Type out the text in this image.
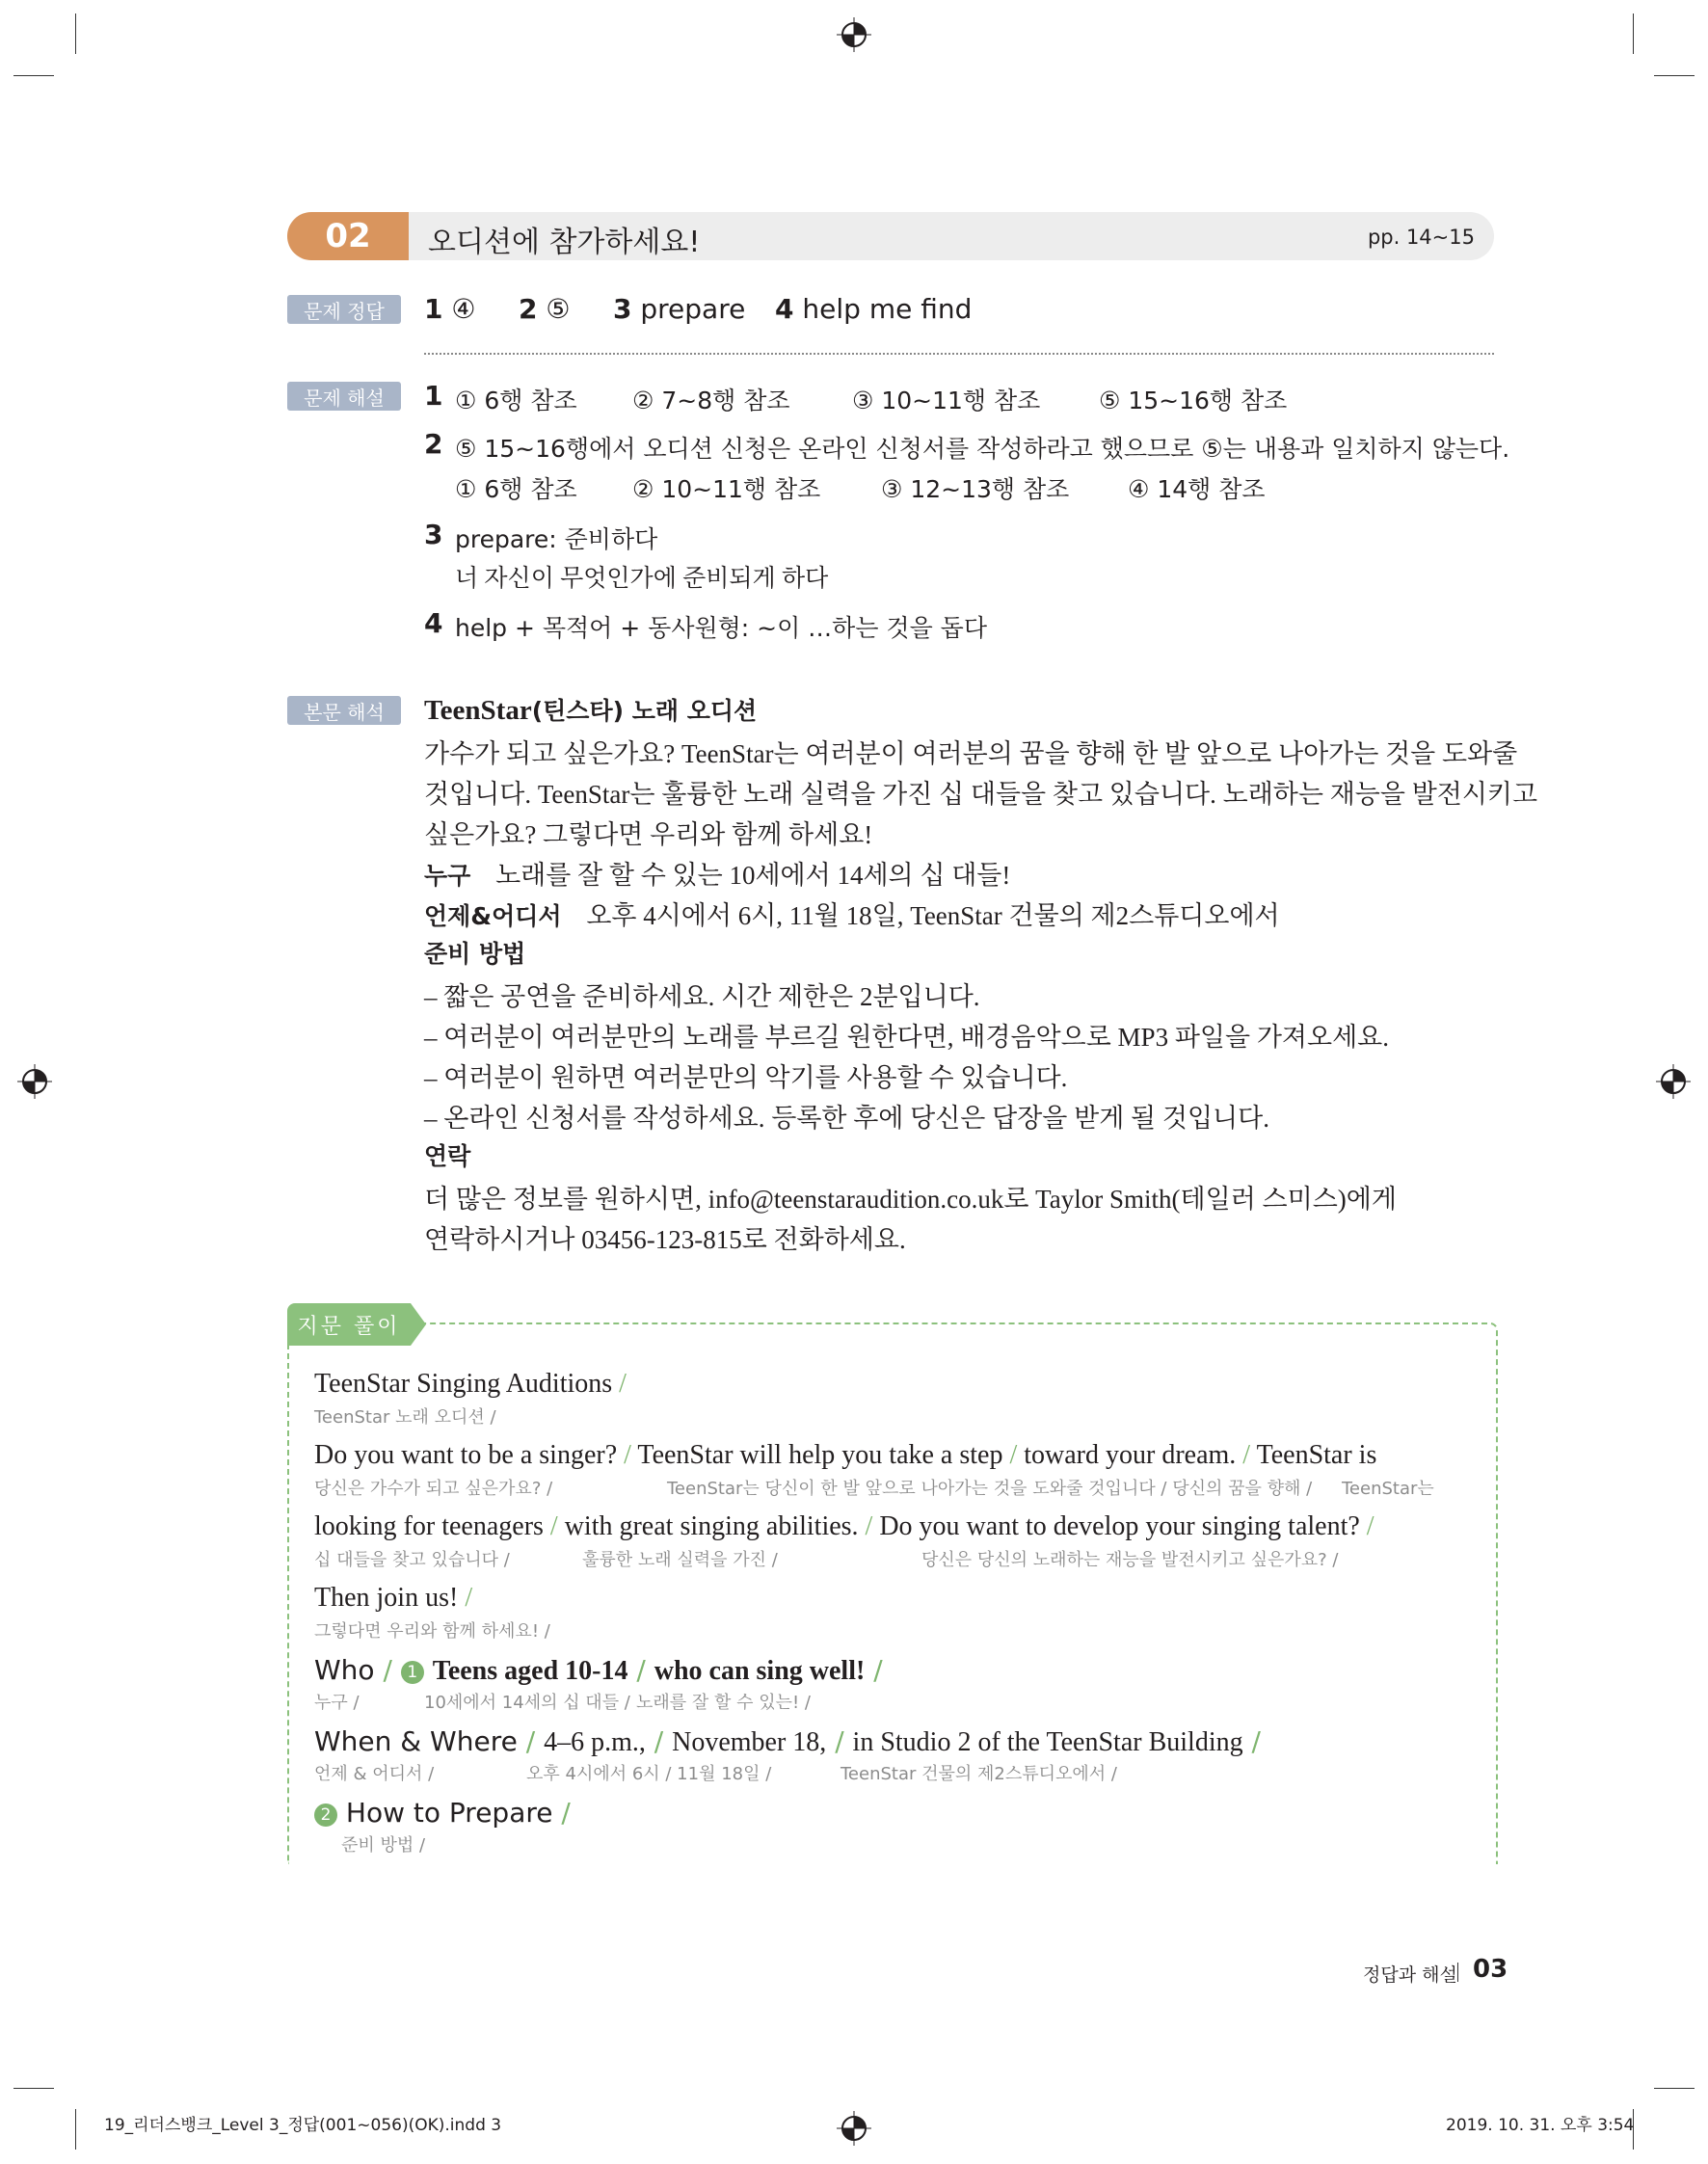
02	오디션에 참가하세요!	pp. 14~15
문제 정답	1 ④ 2 ⑤ 3 prepare 4 help me find
문제 해설	1 ① 6행 참조 ② 7~8행 참조	③ 10~11행 참조 ⑤ 15~16행 참조
2 ⑤ 15~16행에서 오디션 신청은 온라인 신청서를 작성하라고 했으므로 ⑤는 내용과 일치하지 않는다.
① 6행 참조 ② 10~11행 참조	③ 12~13행 참조 ④ 14행 참조
3 prepare: 준비하다
너 자신이 무엇인가에 준비되게 하다
4 help + 목적어 + 동사원형: ~이 …하는 것을 돕다
본문 해석	TeenStar(틴스타) 노래 오디션
가수가 되고 싶은가요? TeenStar는 여러분이 여러분의 꿈을 향해 한 발 앞으로 나아가는 것을 도와줄
것입니다. TeenStar는 훌륭한 노래 실력을 가진 십 대들을 찾고 있습니다. 노래하는 재능을 발전시키고
싶은가요? 그렇다면 우리와 함께 하세요!
누구 노래를 잘 할 수 있는 10세에서 14세의 십 대들!
언제&어디서 오후 4시에서 6시, 11월 18일, TeenStar 건물의 제2스튜디오에서
준비 방법
– 짧은 공연을 준비하세요. 시간 제한은 2분입니다.
– 여러분이 여러분만의 노래를 부르길 원한다면, 배경음악으로 MP3 파일을 가져오세요.
– 여러분이 원하면 여러분만의 악기를 사용할 수 있습니다.
– 온라인 신청서를 작성하세요. 등록한 후에 당신은 답장을 받게 될 것입니다.
연락
더 많은 정보를 원하시면, info@teenstaraudition.co.uk로 Taylor Smith(테일러 스미스)에게
연락하시거나 03456-123-815로 전화하세요.
지문 풀이
TeenStar Singing Auditions /
TeenStar 노래 오디션 /
Do you want to be a singer? / TeenStar will help you take a step / toward your dream. / TeenStar is
당신은 가수가 되고 싶은가요? /	TeenStar는 당신이 한 발 앞으로 나아가는 것을 도와줄 것입니다 / 당신의 꿈을 향해 / TeenStar는
looking for teenagers / with great singing abilities. / Do you want to develop your singing talent? /
십 대들을 찾고 있습니다 /	훌륭한 노래 실력을 가진 /	당신은 당신의 노래하는 재능을 발전시키고 싶은가요? /
Then join us! /
그렇다면 우리와 함께 하세요! /
Who / 1 Teens aged 10-14 / who can sing well! /
누구 /	10세에서 14세의 십 대들 / 노래를 잘 할 수 있는! /
When & Where / 4–6 p.m., / November 18, / in Studio 2 of the TeenStar Building /
언제 & 어디서 /	오후 4시에서 6시 / 11월 18일 /	TeenStar 건물의 제2스튜디오에서 /
2 How to Prepare /
준비 방법 /
정답과 해설 03
19_리더스뱅크_Level 3_정답(001~056)(OK).indd 3	2019. 10. 31. 오후 3:54
